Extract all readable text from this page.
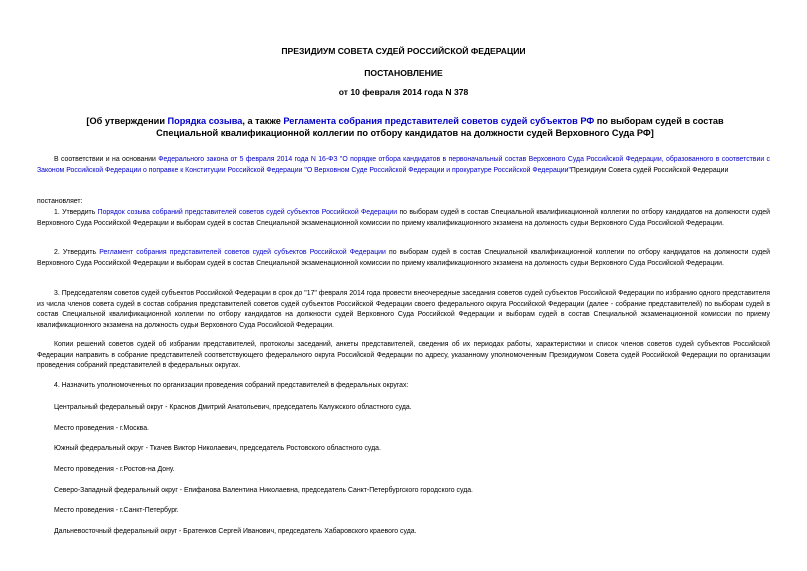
ПРЕЗИДИУМ СОВЕТА СУДЕЙ РОССИЙСКОЙ ФЕДЕРАЦИИ
ПОСТАНОВЛЕНИЕ
от 10 февраля 2014 года N 378
[Об утверждении Порядка созыва, а также Регламента собрания представителей советов судей субъектов РФ по выборам судей в состав Специальной квалификационной коллегии по отбору кандидатов на должности судей Верховного Суда РФ]

В соответствии и на основании Федерального закона от 5 февраля 2014 года N 16-ФЗ "О порядке отбора кандидатов в первоначальный состав Верховного Суда Российской Федерации, образованного в соответствии с Законом Российской Федерации о поправке к Конституции Российской Федерации "О Верховном Суде Российской Федерации и прокуратуре Российской Федерации"Президиум Совета судей Российской Федерации

постановляет:

1. Утвердить Порядок созыва собраний представителей советов судей субъектов Российской Федерации по выборам судей в состав Специальной квалификационной коллегии по отбору кандидатов на должности судей Верховного Суда Российской Федерации и выборам судей в состав Специальной экзаменационной комиссии по приему квалификационного экзамена на должность судьи Верховного Суда Российской Федерации.

2. Утвердить Регламент собрания представителей советов судей субъектов Российской Федерации по выборам судей в состав Специальной квалификационной коллегии по отбору кандидатов на должности судей Верховного Суда Российской Федерации и выборам судей в состав Специальной экзаменационной комиссии по приему квалификационного экзамена на должность судьи Верховного Суда Российской Федерации.

3. Председателям советов судей субъектов Российской Федерации в срок до "17" февраля 2014 года провести внеочередные заседания советов судей субъектов Российской Федерации по избранию одного представителя из числа членов совета судей в состав собрания представителей советов судей субъектов Российской Федерации своего федерального округа Российской Федерации (далее - собрание представителей) по выборам судей в состав Специальной квалификационной коллегии по отбору кандидатов на должности судей Верховного Суда Российской Федерации и выборам судей в состав Специальной экзаменационной комиссии по приему квалификационного экзамена на должность судьи Верховного Суда Российской Федерации.

Копии решений советов судей об избрании представителей, протоколы заседаний, анкеты представителей, сведения об их периодах работы, характеристики и список членов советов судей субъектов Российской Федерации направить в собрание представителей соответствующего федерального округа Российской Федерации по адресу, указанному уполномоченным Президиумом Совета судей Российской Федерации по организации проведения собраний представителей в федеральных округах.

4. Назначить уполномоченных по организации проведения собраний представителей в федеральных округах:

Центральный федеральный округ - Краснов Дмитрий Анатольевич, председатель Калужского областного суда.

Место проведения - г.Москва.

Южный федеральный округ - Ткачев Виктор Николаевич, председатель Ростовского областного суда.

Место проведения - г.Ростов-на Дону.

Северо-Западный федеральный округ - Епифанова Валентина Николаевна, председатель Санкт-Петербургского городского суда.

Место проведения - г.Санкт-Петербург.

Дальневосточный федеральный округ - Братенков Сергей Иванович, председатель Хабаровского краевого суда.
